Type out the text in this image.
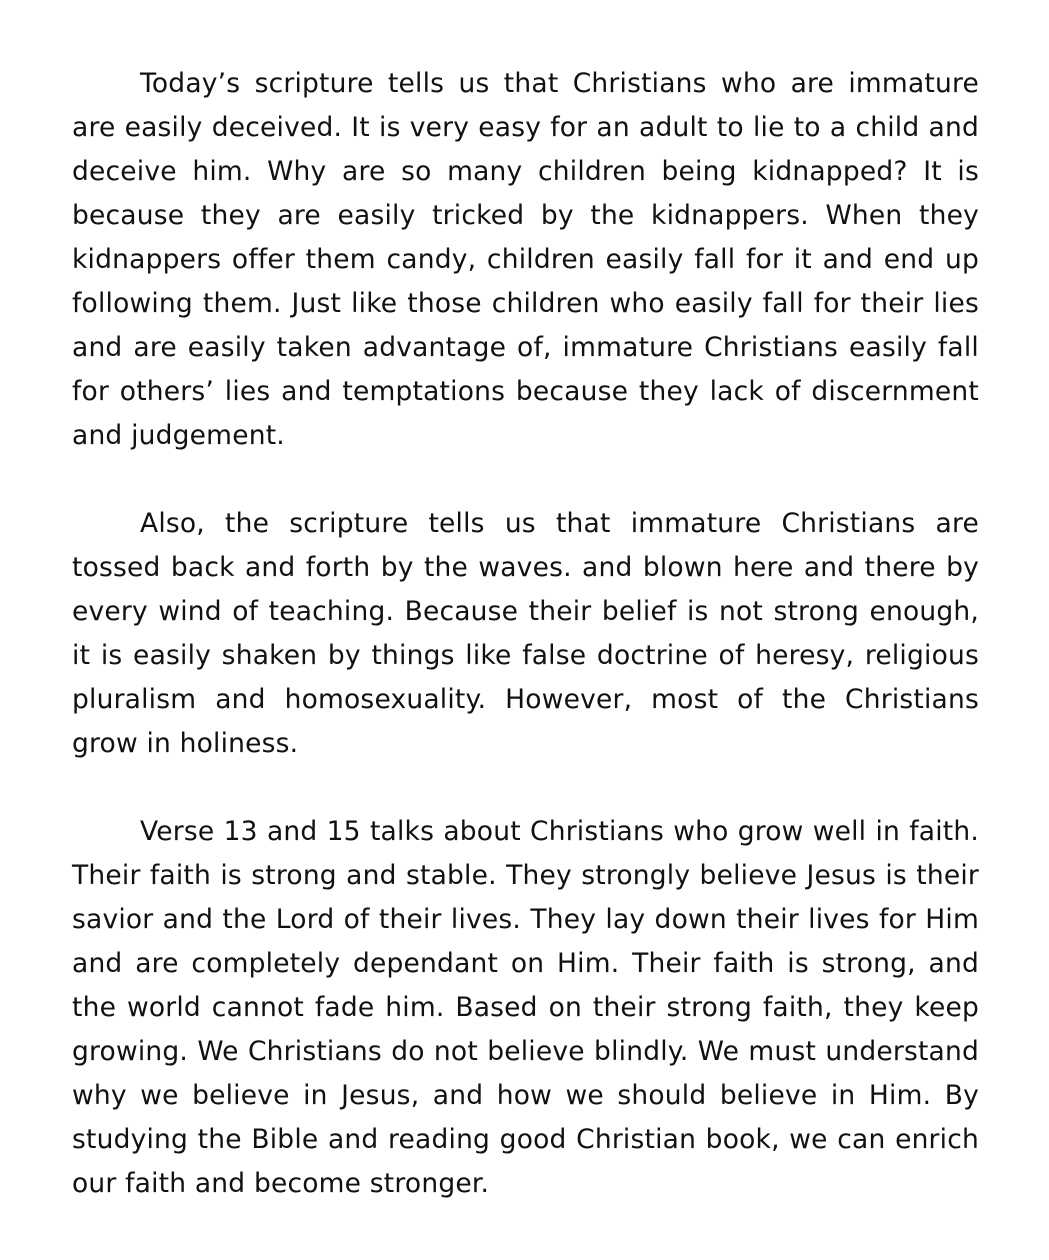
Today’s scripture tells us that Christians who are immature are easily deceived. It is very easy for an adult to lie to a child and deceive him. Why are so many children being kidnapped? It is because they are easily tricked by the kidnappers. When they kidnappers offer them candy, children easily fall for it and end up following them. Just like those children who easily fall for their lies and are easily taken advantage of, immature Christians easily fall for others’ lies and temptations because they lack of discernment and judgement.

Also, the scripture tells us that immature Christians are tossed back and forth by the waves. and blown here and there by every wind of teaching. Because their belief is not strong enough, it is easily shaken by things like false doctrine of heresy, religious pluralism and homosexuality. However, most of the Christians grow in holiness.

Verse 13 and 15 talks about Christians who grow well in faith. Their faith is strong and stable. They strongly believe Jesus is their savior and the Lord of their lives. They lay down their lives for Him and are completely dependant on Him. Their faith is strong, and the world cannot fade him. Based on their strong faith, they keep growing. We Christians do not believe blindly. We must understand why we believe in Jesus, and how we should believe in Him. By studying the Bible and reading good Christian book, we can enrich our faith and become stronger.
